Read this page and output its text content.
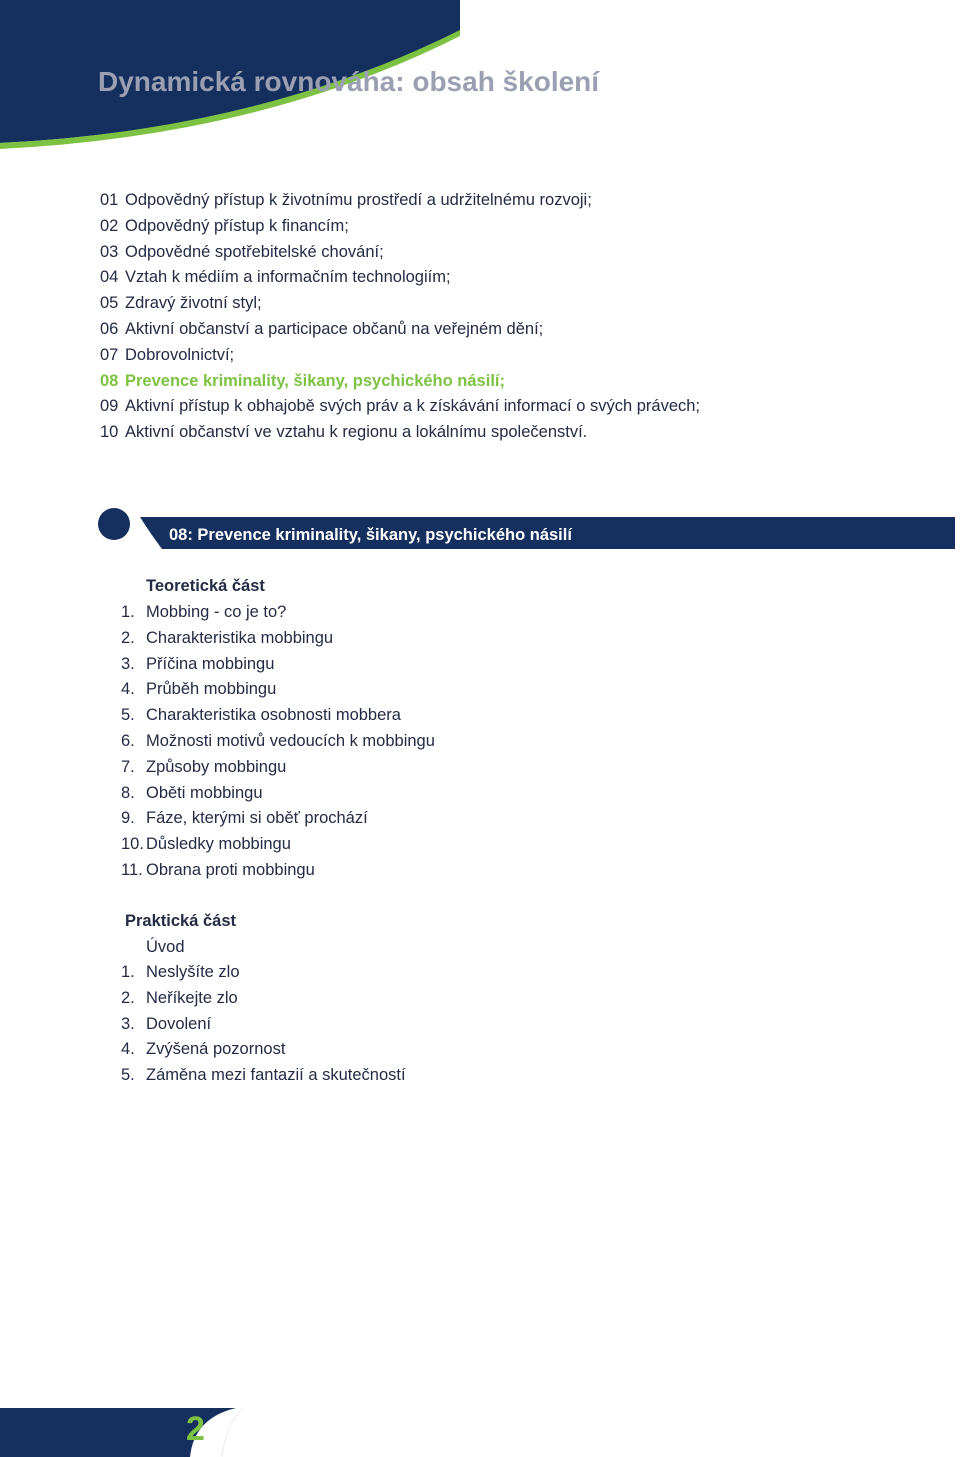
Dynamická rovnováha: obsah školení
01 Odpovědný přístup k životnímu prostředí a udržitelnému rozvoji;
02 Odpovědný přístup k financím;
03 Odpovědné spotřebitelské chování;
04 Vztah k médiím a informačním technologiím;
05 Zdravý životní styl;
06 Aktivní občanství a participace občanů na veřejném dění;
07 Dobrovolnictví;
08 Prevence kriminality, šikany, psychického násilí;
09 Aktivní přístup k obhajobě svých práv a k získávání informací o svých právech;
10 Aktivní občanství ve vztahu k regionu a lokálnímu společenství.
08: Prevence kriminality, šikany, psychického násilí
Teoretická část
1. Mobbing - co je to?
2. Charakteristika mobbingu
3. Příčina mobbingu
4. Průběh mobbingu
5. Charakteristika osobnosti mobbera
6. Možnosti motivů vedoucích k mobbingu
7. Způsoby mobbingu
8. Oběti mobbingu
9. Fáze, kterými si oběť prochází
10. Důsledky mobbingu
11. Obrana proti mobbingu
Praktická část
Úvod
1. Neslyšíte zlo
2. Neříkejte zlo
3. Dovolení
4. Zvýšená pozornost
5. Záměna mezi fantazií a skutečností
2
